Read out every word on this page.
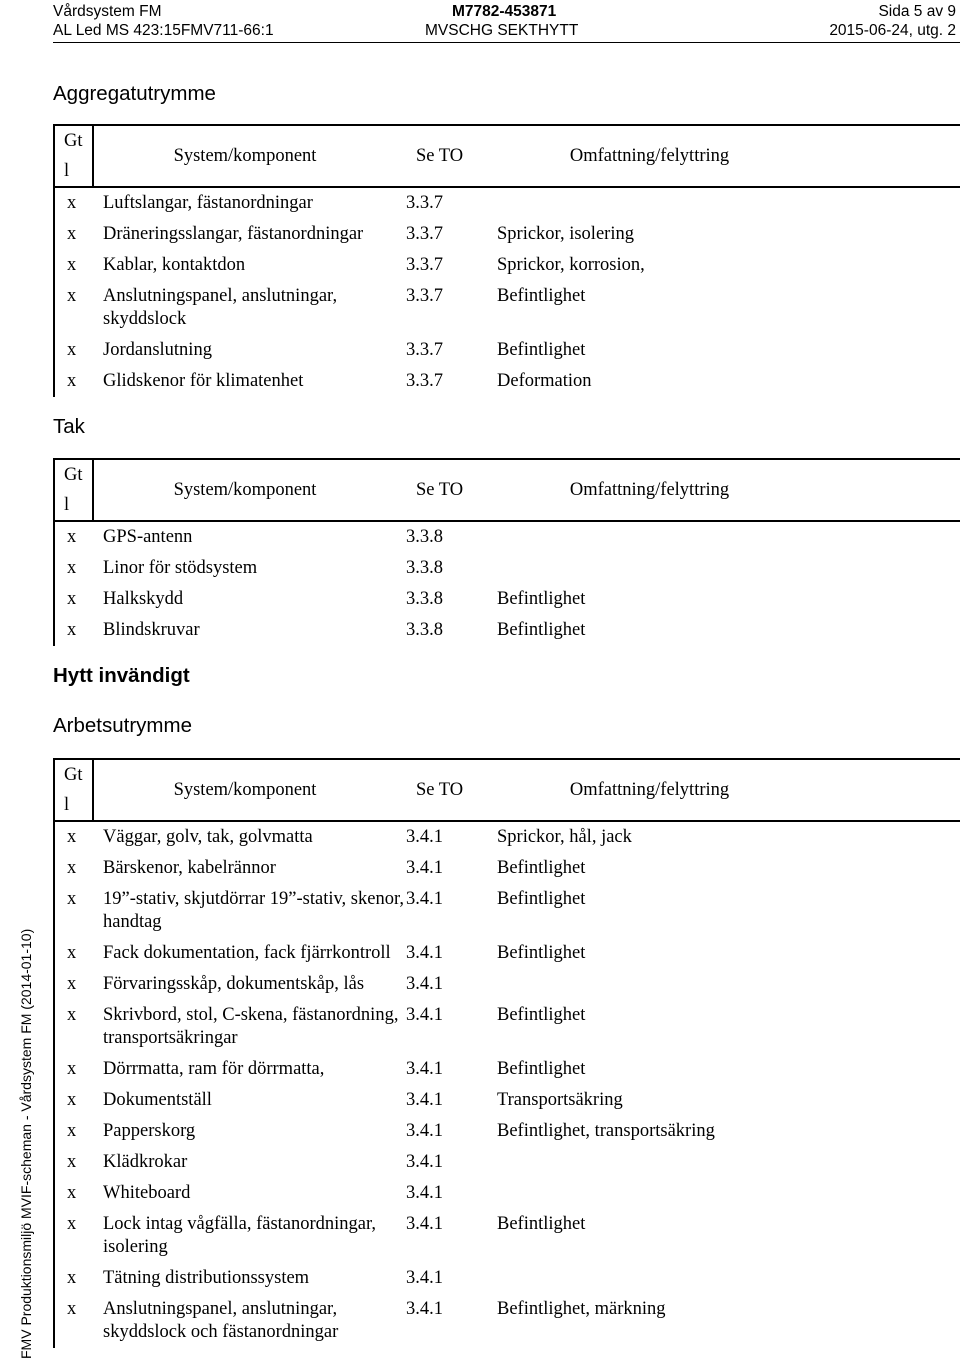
Vårdsystem FM
AL Led MS 423:15FMV711-66:1
M7782-453871
MVSCHG SEKTHYTT
Sida 5 av 9
2015-06-24, utg. 2
Aggregatutrymme
Gt l	System/komponent	Se TO	Omfattning/felyttring
x	Luftslangar, fästanordningar	3.3.7	
x	Dräneringsslangar, fästanordningar	3.3.7	Sprickor, isolering
x	Kablar, kontaktdon	3.3.7	Sprickor, korrosion,
x	Anslutningspanel, anslutningar, skyddslock	3.3.7	Befintlighet
x	Jordanslutning	3.3.7	Befintlighet
x	Glidskenor för klimatenhet	3.3.7	Deformation
Tak
Gt l	System/komponent	Se TO	Omfattning/felyttring
x	GPS-antenn	3.3.8	
x	Linor för stödsystem	3.3.8	
x	Halkskydd	3.3.8	Befintlighet
x	Blindskruvar	3.3.8	Befintlighet
Hytt invändigt
Arbetsutrymme
Gt l	System/komponent	Se TO	Omfattning/felyttring
x	Väggar, golv, tak, golvmatta	3.4.1	Sprickor, hål, jack
x	Bärskenor, kabelrännor	3.4.1	Befintlighet
x	19”-stativ, skjutdörrar 19”-stativ, skenor, handtag	3.4.1	Befintlighet
x	Fack dokumentation, fack fjärrkontroll	3.4.1	Befintlighet
x	Förvaringsskåp, dokumentskåp, lås	3.4.1	
x	Skrivbord, stol, C-skena, fästanordning, transportsäkringar	3.4.1	Befintlighet
x	Dörrmatta, ram för dörrmatta,	3.4.1	Befintlighet
x	Dokumentställ	3.4.1	Transportsäkring
x	Papperskorg	3.4.1	Befintlighet, transportsäkring
x	Klädkrokar	3.4.1	
x	Whiteboard	3.4.1	
x	Lock intag vågfälla, fästanordningar, isolering	3.4.1	Befintlighet
x	Tätning distributionssystem	3.4.1	
x	Anslutningspanel, anslutningar, skyddslock och fästanordningar	3.4.1	Befintlighet, märkning
FMV Produktionsmiljö MVIF-scheman - Vårdsystem FM (2014-01-10)
